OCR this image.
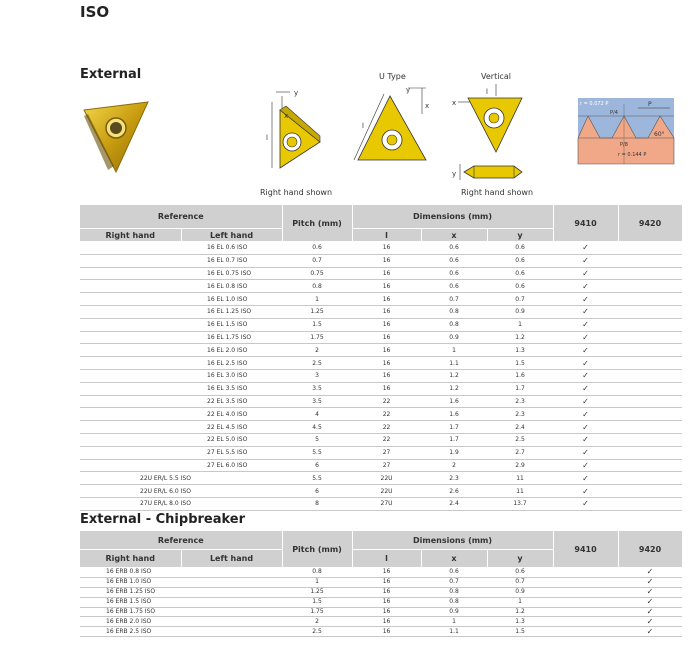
ISO
External
l
y
x
U Type
y
x
l
Vertical
l
x
y
Right hand shown	Right hand shown
r = 0.072 P	P
P/4
P/8
60°
r = 0.144 P
Reference		Pitch (mm)	Dimensions (mm)			9410	9420
Right hand	Left hand		l	x	y		
	16 EL 0.6 ISO	0.6	16	0.6	0.6	✓	
	16 EL 0.7 ISO	0.7	16	0.6	0.6	✓	
	16 EL 0.75 ISO	0.75	16	0.6	0.6	✓	
	16 EL 0.8 ISO	0.8	16	0.6	0.6	✓	
	16 EL 1.0 ISO	1	16	0.7	0.7	✓	
	16 EL 1.25 ISO	1.25	16	0.8	0.9	✓	
	16 EL 1.5 ISO	1.5	16	0.8	1	✓	
	16 EL 1.75 ISO	1.75	16	0.9	1.2	✓	
	16 EL 2.0 ISO	2	16	1	1.3	✓	
	16 EL 2.5 ISO	2.5	16	1.1	1.5	✓	
	16 EL 3.0 ISO	3	16	1.2	1.6	✓	
	16 EL 3.5 ISO	3.5	16	1.2	1.7	✓	
	22 EL 3.5 ISO	3.5	22	1.6	2.3	✓	
	22 EL 4.0 ISO	4	22	1.6	2.3	✓	
	22 EL 4.5 ISO	4.5	22	1.7	2.4	✓	
	22 EL 5.0 ISO	5	22	1.7	2.5	✓	
	27 EL 5.5 ISO	5.5	27	1.9	2.7	✓	
	27 EL 6.0 ISO	6	27	2	2.9	✓	
22U ER/L 5.5 ISO		5.5	22U	2.3	11	✓	
22U ER/L 6.0 ISO		6	22U	2.6	11	✓	
27U ER/L 8.0 ISO		8	27U	2.4	13.7	✓	
External - Chipbreaker
Reference		Pitch (mm)	Dimensions (mm)			9410	9420
Right hand	Left hand		l	x	y		
16 ERB 0.8 ISO		0.8	16	0.6	0.6		✓
16 ERB 1.0 ISO		1	16	0.7	0.7		✓
16 ERB 1.25 ISO		1.25	16	0.8	0.9		✓
16 ERB 1.5 ISO		1.5	16	0.8	1		✓
16 ERB 1.75 ISO		1.75	16	0.9	1.2		✓
16 ERB 2.0 ISO		2	16	1	1.3		✓
16 ERB 2.5 ISO		2.5	16	1.1	1.5		✓
